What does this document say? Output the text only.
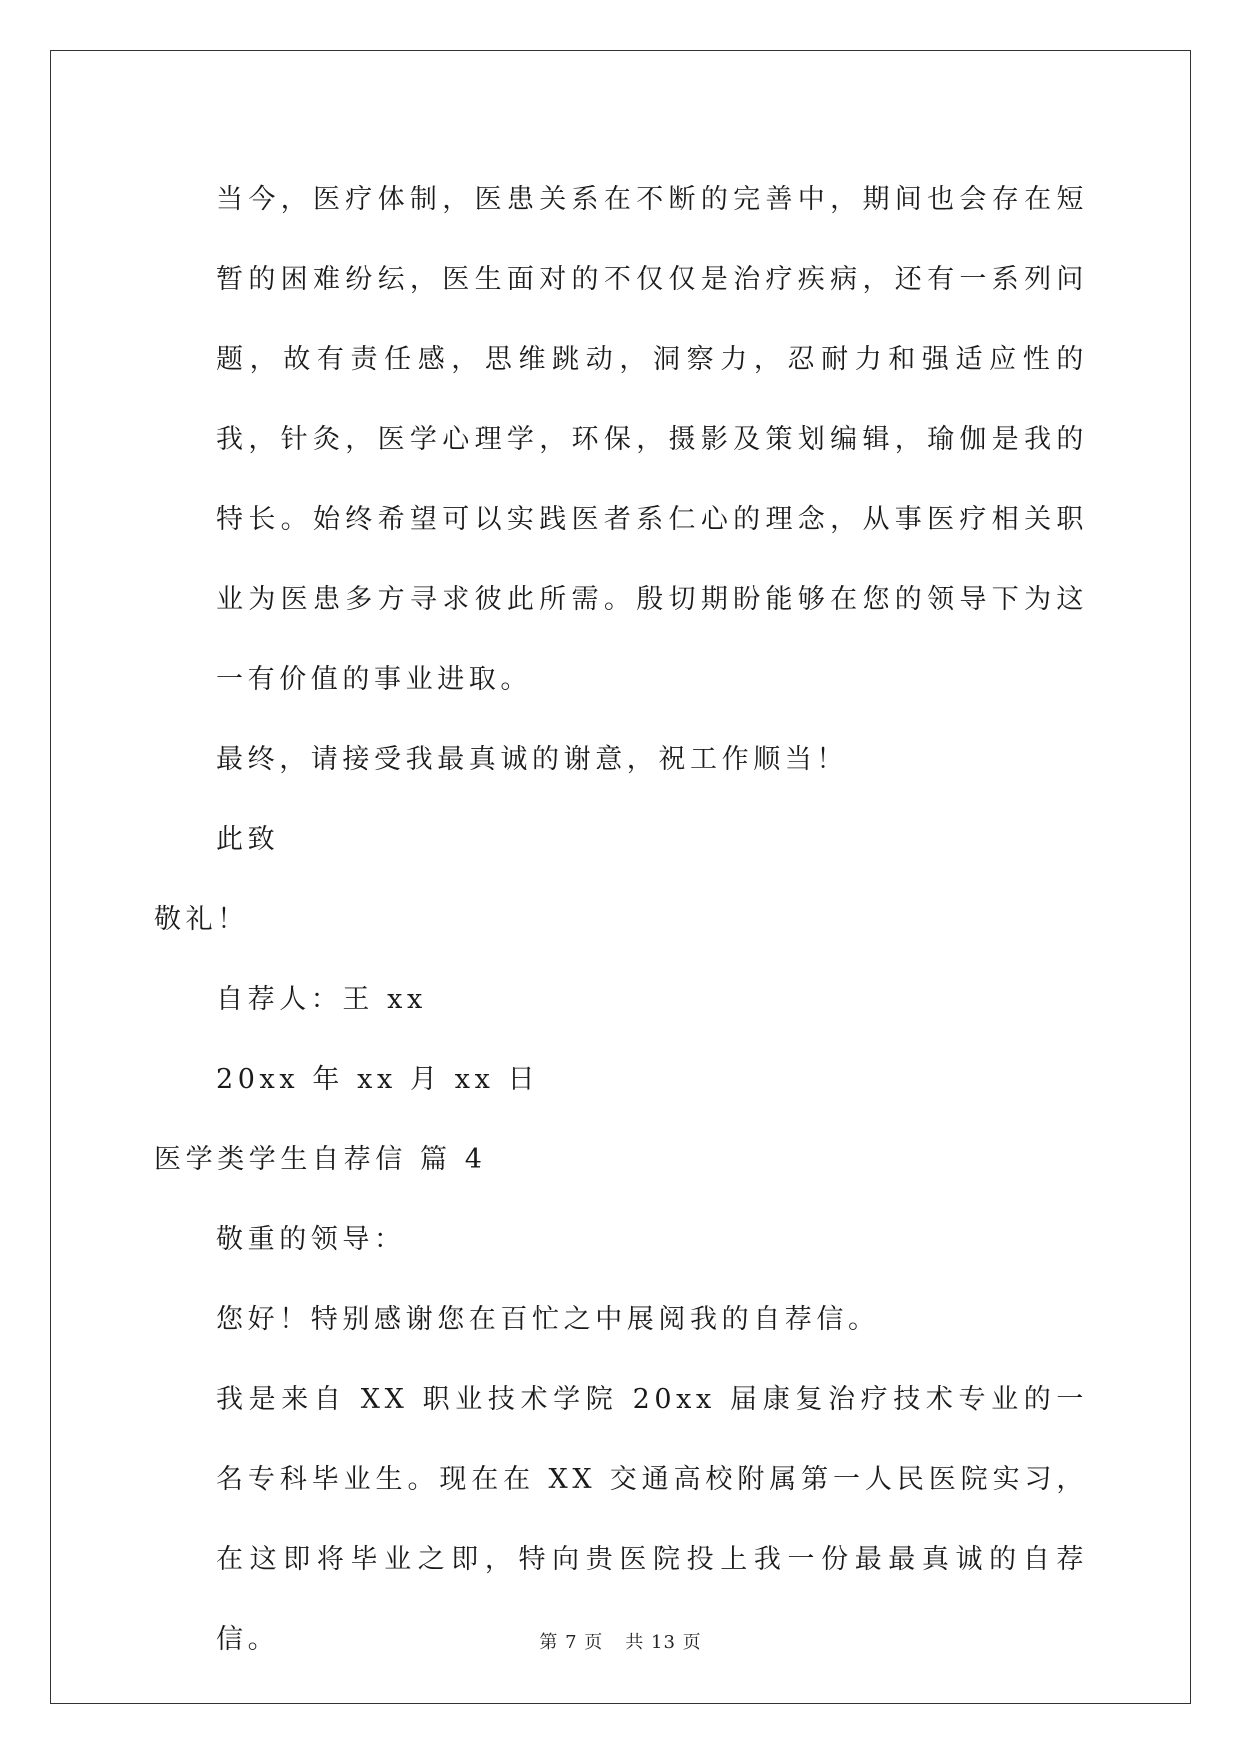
当今，医疗体制，医患关系在不断的完善中，期间也会存在短暂的困难纷纭，医生面对的不仅仅是治疗疾病，还有一系列问题，故有责任感，思维跳动，洞察力，忍耐力和强适应性的我，针灸，医学心理学，环保，摄影及策划编辑，瑜伽是我的特长。始终希望可以实践医者系仁心的理念，从事医疗相关职业为医患多方寻求彼此所需。殷切期盼能够在您的领导下为这一有价值的事业进取。

最终，请接受我最真诚的谢意，祝工作顺当！

此致

敬礼！

自荐人：王 xx

20xx 年 xx 月 xx 日

医学类学生自荐信 篇 4

敬重的领导：

您好！特别感谢您在百忙之中展阅我的自荐信。

我是来自 XX 职业技术学院 20xx 届康复治疗技术专业的一名专科毕业生。现在在 XX 交通高校附属第一人民医院实习，在这即将毕业之即，特向贵医院投上我一份最最真诚的自荐信。	第 7 页 共 13 页
